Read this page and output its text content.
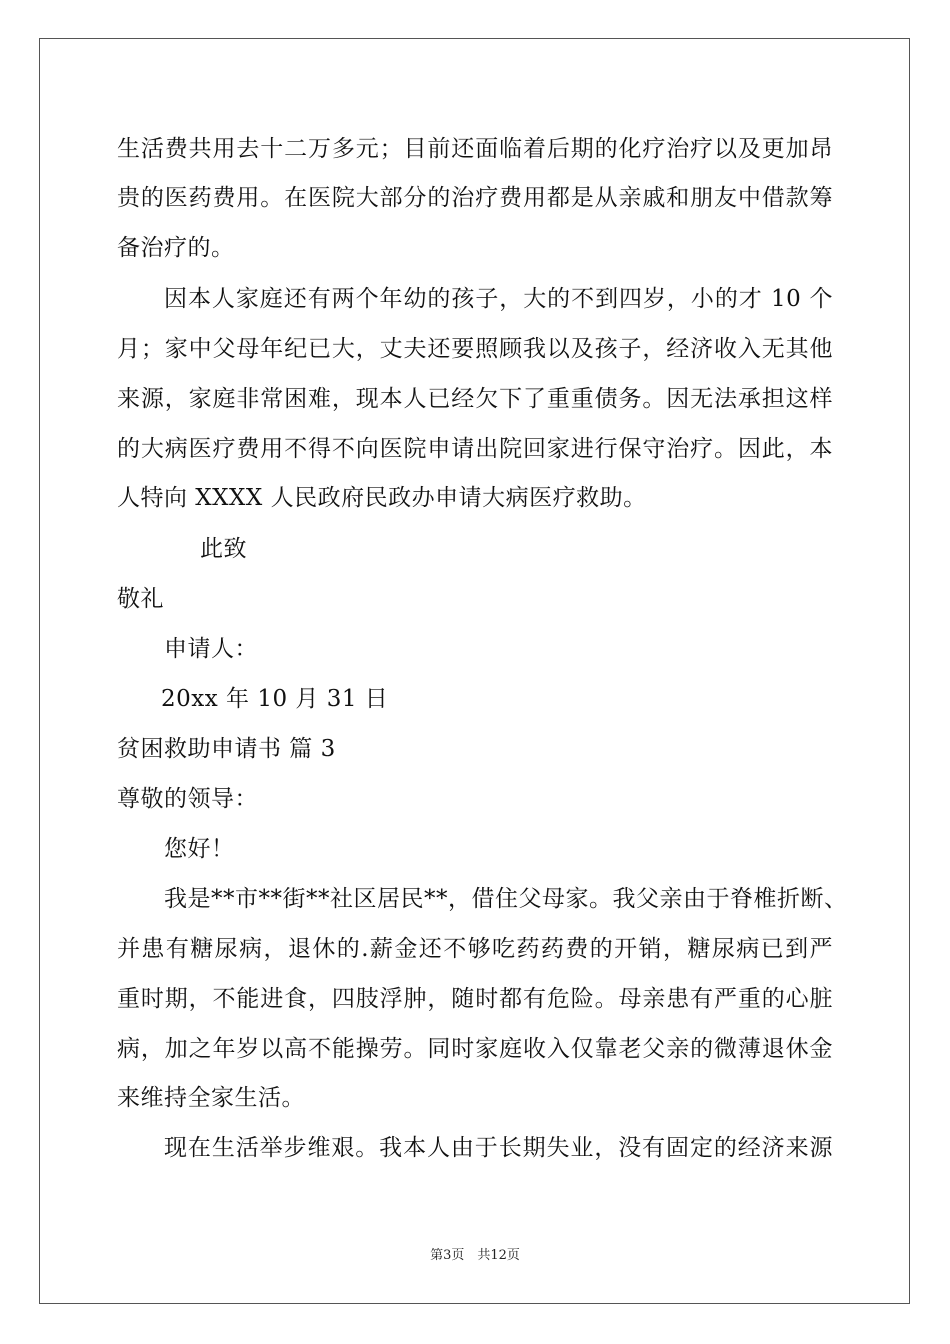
生活费共用去十二万多元；目前还面临着后期的化疗治疗以及更加昂
贵的医药费用。在医院大部分的治疗费用都是从亲戚和朋友中借款筹
备治疗的。
因本人家庭还有两个年幼的孩子，大的不到四岁，小的才 10 个
月；家中父母年纪已大，丈夫还要照顾我以及孩子，经济收入无其他
来源，家庭非常困难，现本人已经欠下了重重债务。因无法承担这样
的大病医疗费用不得不向医院申请出院回家进行保守治疗。因此，本
人特向 XXXX 人民政府民政办申请大病医疗救助。
此致
敬礼
申请人：
20xx 年 10 月 31 日
贫困救助申请书 篇 3
尊敬的领导：
您好！
我是**市**街**社区居民**，借住父母家。我父亲由于脊椎折断、
并患有糖尿病，退休的.薪金还不够吃药药费的开销，糖尿病已到严
重时期，不能进食，四肢浮肿，随时都有危险。母亲患有严重的心脏
病，加之年岁以高不能操劳。同时家庭收入仅靠老父亲的微薄退休金
来维持全家生活。
现在生活举步维艰。我本人由于长期失业，没有固定的经济来源
第3页　共12页
